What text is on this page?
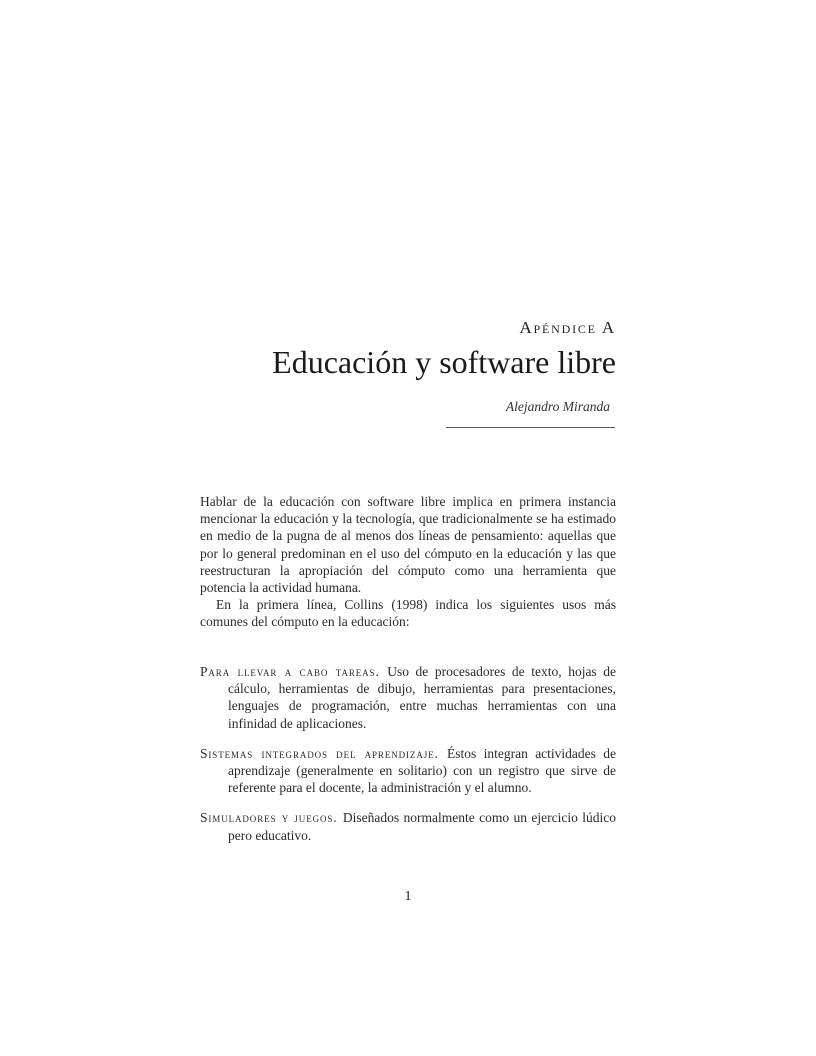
Apéndice A
Educación y software libre
Alejandro Miranda

Hablar de la educación con software libre implica en primera instancia mencionar la educación y la tecnología, que tradicionalmente se ha estimado en medio de la pugna de al menos dos líneas de pensamiento: aquellas que por lo general predominan en el uso del cómputo en la educación y las que reestructuran la apropiación del cómputo como una herramienta que potencia la actividad humana.

En la primera línea, Collins (1998) indica los siguientes usos más comunes del cómputo en la educación:

Para llevar a cabo tareas. Uso de procesadores de texto, hojas de cálculo, herramientas de dibujo, herramientas para presentaciones, lenguajes de programación, entre muchas herramientas con una infinidad de aplicaciones.
Sistemas integrados del aprendizaje. Éstos integran actividades de aprendizaje (generalmente en solitario) con un registro que sirve de referente para el docente, la administración y el alumno.
Simuladores y juegos. Diseñados normalmente como un ejercicio lúdico pero educativo.
1
